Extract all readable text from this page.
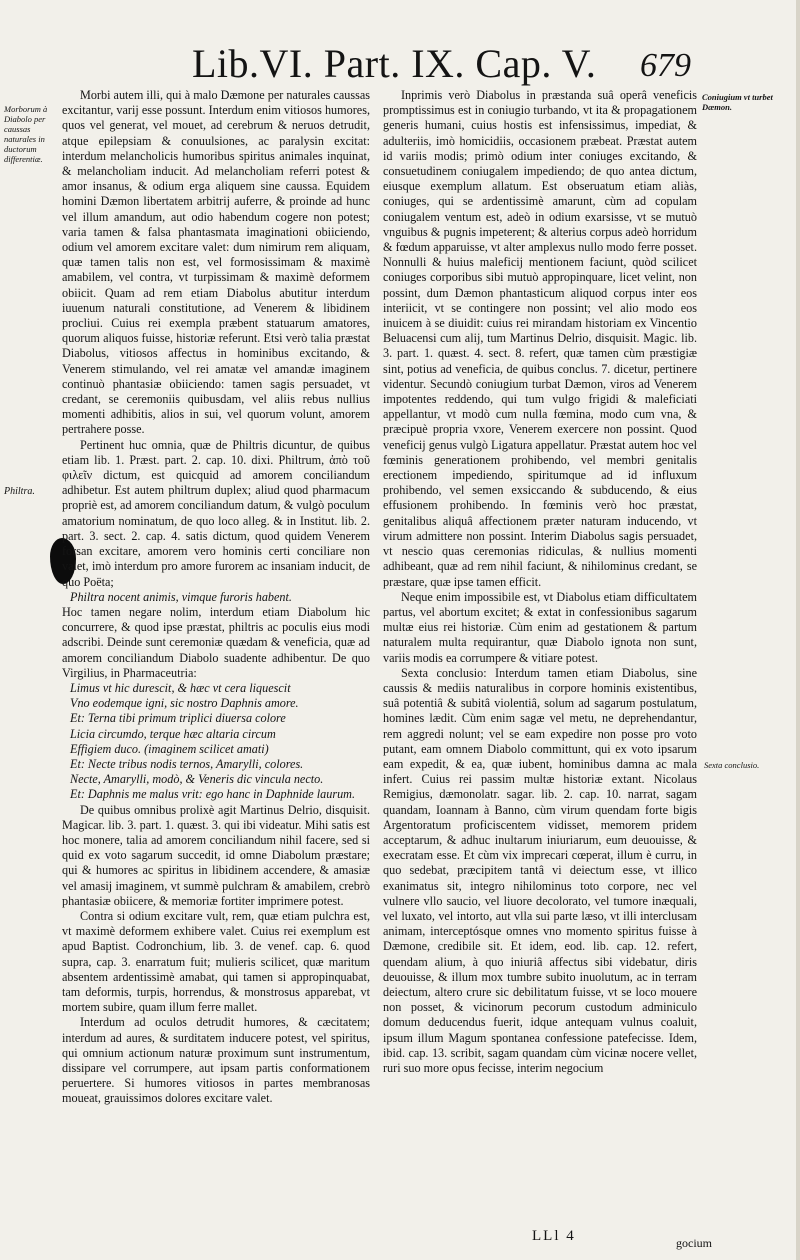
Lib.VI. Part. IX. Cap. V. 679
Morborum à Diabolo per caussas naturales in ductorum differentiæ.
Philtra.
Coniugium vt turbet Dæmon.
Sexta conclusio.

Morbi autem illi, qui à malo Dæmone per naturales caussas excitantur, varij esse possunt. Interdum enim vitiosos humores, quos vel generat, vel mouet, ad cerebrum & neruos detrudit, atque epilepsiam & conuulsiones, ac paralysin excitat: interdum melancholicis humoribus spiritus animales inquinat, & melancholiam inducit. Ad melancholiam referri potest & amor insanus, & odium erga aliquem sine caussa. Equidem homini Dæmon libertatem arbitrij auferre, & proinde ad hunc vel illum amandum, aut odio habendum cogere non potest; varia tamen & falsa phantasmata imaginationi obiiciendo, odium vel amorem excitare valet: dum nimirum rem aliquam, quæ tamen talis non est, vel formosissimam & maximè amabilem, vel contra, vt turpissimam & maximè deformem obiicit. Quam ad rem etiam Diabolus abutitur interdum iuuenum naturali constitutione, ad Venerem & libidinem procliui. Cuius rei exempla præbent statuarum amatores, quorum aliquos fuisse, historiæ referunt. Etsi verò talia præstat Diabolus, vitiosos affectus in hominibus excitando, & Venerem stimulando, vel rei amatæ vel amandæ imaginem continuò phantasiæ obiiciendo: tamen sagis persuadet, vt credant, se ceremoniis quibusdam, vel aliis rebus nullius momenti adhibitis, alios in sui, vel quorum volunt, amorem pertrahere posse.

Pertinent huc omnia, quæ de Philtris dicuntur, de quibus etiam lib. 1. Præst. part. 2. cap. 10. dixi. Philtrum, ἀπὸ τοῦ φιλεῖν dictum, est quicquid ad amorem conciliandum adhibetur. Est autem philtrum duplex; aliud quod pharmacum propriè est, ad amorem conciliandum datum, & vulgò poculum amatorium nominatum, de quo loco alleg. & in Institut. lib. 2. part. 3. sect. 2. cap. 4. satis dictum, quod quidem Venerem forsan excitare, amorem vero hominis certi conciliare non valet, imò interdum pro amore furorem ac insaniam inducit, de quo Poëta;

Philtra nocent animis, vimque furoris habent.

Hoc tamen negare nolim, interdum etiam Diabolum hic concurrere, & quod ipse præstat, philtris ac poculis eius modi adscribi. Deinde sunt ceremoniæ quædam & veneficia, quæ ad amorem conciliandum Diabolo suadente adhibentur. De quo Virgilius, in Pharmaceutria:

Limus vt hic durescit, & hæc vt cera liquescit

Vno eodemque igni, sic nostro Daphnis amore.

Et: Terna tibi primum triplici diuersa colore

Licia circumdo, terque hæc altaria circum

Effigiem duco. (imaginem scilicet amati)

Et: Necte tribus nodis ternos, Amarylli, colores.

Necte, Amarylli, modò, & Veneris dic vincula necto.

Et: Daphnis me malus vrit: ego hanc in Daphnide laurum.

De quibus omnibus prolixè agit Martinus Delrio, disquisit. Magicar. lib. 3. part. 1. quæst. 3. qui ibi videatur. Mihi satis est hoc monere, talia ad amorem conciliandum nihil facere, sed si quid ex voto sagarum succedit, id omne Diabolum præstare; qui & humores ac spiritus in libidinem accendere, & amasiæ vel amasij imaginem, vt summè pulchram & amabilem, crebrò phantasiæ obiicere, & memoriæ fortiter imprimere potest.

Contra si odium excitare vult, rem, quæ etiam pulchra est, vt maximè deformem exhibere valet. Cuius rei exemplum est apud Baptist. Codronchium, lib. 3. de venef. cap. 6. quod supra, cap. 3. enarratum fuit; mulieris scilicet, quæ maritum absentem ardentissimè amabat, qui tamen si appropinquabat, tam deformis, turpis, horrendus, & monstrosus apparebat, vt mortem subire, quam illum ferre mallet.

Interdum ad oculos detrudit humores, & cæcitatem; interdum ad aures, & surditatem inducere potest, vel spiritus, qui omnium actionum naturæ proximum sunt instrumentum, dissipare vel corrumpere, aut ipsam partis conformationem peruertere. Si humores vitiosos in partes membranosas moueat, grauissimos dolores excitare valet.

Inprimis verò Diabolus in præstanda suâ operâ veneficis promptissimus est in coniugio turbando, vt ita & propagationem generis humani, cuius hostis est infensissimus, impediat, & adulteriis, imò homicidiis, occasionem præbeat. Præstat autem id variis modis; primò odium inter coniuges excitando, & consuetudinem coniugalem impediendo; de quo antea dictum, eiusque exemplum allatum. Est obseruatum etiam aliàs, coniuges, qui se ardentissimè amarunt, cùm ad copulam coniugalem ventum est, adeò in odium exarsisse, vt se mutuò vnguibus & pugnis impeterent; & alterius corpus adeò horridum & fœdum apparuisse, vt alter amplexus nullo modo ferre posset. Nonnulli & huius maleficij mentionem faciunt, quòd scilicet coniuges corporibus sibi mutuò appropinquare, licet velint, non possint, dum Dæmon phantasticum aliquod corpus inter eos interiicit, vt se contingere non possint; vel alio modo eos inuicem à se diuidit: cuius rei mirandam historiam ex Vincentio Beluacensi cum alij, tum Martinus Delrio, disquisit. Magic. lib. 3. part. 1. quæst. 4. sect. 8. refert, quæ tamen cùm præstigiæ sint, potius ad veneficia, de quibus conclus. 7. dicetur, pertinere videntur. Secundò coniugium turbat Dæmon, viros ad Venerem impotentes reddendo, qui tum vulgo frigidi & maleficiati appellantur, vt modò cum nulla fœmina, modo cum vna, & præcipuè propria vxore, Venerem exercere non possint. Quod veneficij genus vulgò Ligatura appellatur. Præstat autem hoc vel fœminis generationem prohibendo, vel membri genitalis erectionem impediendo, spiritumque ad id influxum prohibendo, vel semen exsiccando & subducendo, & eius effusionem prohibendo. In fœminis verò hoc præstat, genitalibus aliquâ affectionem præter naturam inducendo, vt virum admittere non possint. Interim Diabolus sagis persuadet, vt nescio quas ceremonias ridiculas, & nullius momenti adhibeant, quæ ad rem nihil faciunt, & nihilominus credant, se præstare, quæ ipse tamen efficit.

Neque enim impossibile est, vt Diabolus etiam difficultatem partus, vel abortum excitet; & extat in confessionibus sagarum multæ eius rei historiæ. Cùm enim ad gestationem & partum naturalem multa requirantur, quæ Diabolo ignota non sunt, variis modis ea corrumpere & vitiare potest.

Sexta conclusio: Interdum tamen etiam Diabolus, sine caussis & mediis naturalibus in corpore hominis existentibus, suâ potentiâ & subitâ violentiâ, solum ad sagarum postulatum, homines lædit. Cùm enim sagæ vel metu, ne deprehendantur, rem aggredi nolunt; vel se eam expedire non posse pro voto putant, eam omnem Diabolo committunt, qui ex voto ipsarum eam expedit, & ea, quæ iubent, hominibus damna ac mala infert. Cuius rei passim multæ historiæ extant. Nicolaus Remigius, dæmonolatr. sagar. lib. 2. cap. 10. narrat, sagam quandam, Ioannam à Banno, cùm virum quendam forte bigis Argentoratum proficiscentem vidisset, memorem pridem acceptarum, & adhuc inultarum iniuriarum, eum deuouisse, & execratam esse. Et cùm vix imprecari cœperat, illum è curru, in quo sedebat, præcipitem tantâ vi deiectum esse, vt illico exanimatus sit, integro nihilominus toto corpore, nec vel vulnere vllo saucio, vel liuore decolorato, vel tumore inæquali, vel luxato, vel intorto, aut vlla sui parte læso, vt illi interclusam animam, interceptósque omnes vno momento spiritus fuisse à Dæmone, credibile sit. Et idem, eod. lib. cap. 12. refert, quendam alium, à quo iniuriâ affectus sibi videbatur, diris deuouisse, & illum mox tumbre subito inuolutum, ac in terram deiectum, altero crure sic debilitatum fuisse, vt se loco mouere non posset, & vicinorum pecorum custodum adminiculo domum deducendus fuerit, idque antequam vulnus coaluit, ipsum illum Magum spontanea confessione patefecisse. Idem, ibid. cap. 13. scribit, sagam quandam cùm vicinæ nocere vellet, ruri suo more opus fecisse, interim negocium

LLl 4	gocium
